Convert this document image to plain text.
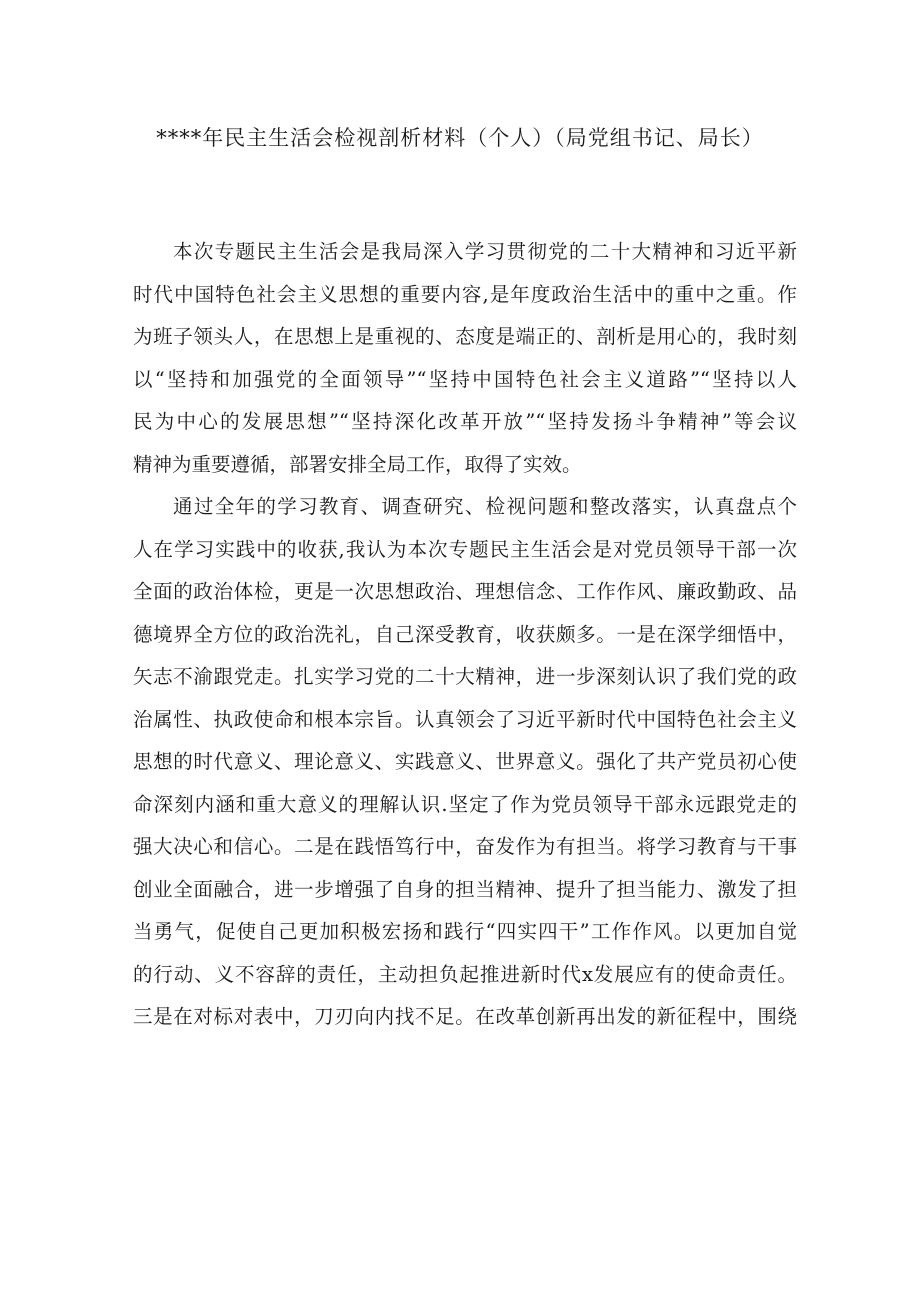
****年民主生活会检视剖析材料（个人）（局党组书记、局长）
本次专题民主生活会是我局深入学习贯彻党的二十大精神和习近平新
时代中国特色社会主义思想的重要内容,是年度政治生活中的重中之重。作
为班子领头人，在思想上是重视的、态度是端正的、剖析是用心的，我时刻
以“坚持和加强党的全面领导”“坚持中国特色社会主义道路”“坚持以人
民为中心的发展思想”“坚持深化改革开放”“坚持发扬斗争精神”等会议
精神为重要遵循，部署安排全局工作，取得了实效。
通过全年的学习教育、调查研究、检视问题和整改落实，认真盘点个
人在学习实践中的收获,我认为本次专题民主生活会是对党员领导干部一次
全面的政治体检，更是一次思想政治、理想信念、工作作风、廉政勤政、品
德境界全方位的政治洗礼，自己深受教育，收获颇多。一是在深学细悟中，
矢志不渝跟党走。扎实学习党的二十大精神，进一步深刻认识了我们党的政
治属性、执政使命和根本宗旨。认真领会了习近平新时代中国特色社会主义
思想的时代意义、理论意义、实践意义、世界意义。强化了共产党员初心使
命深刻内涵和重大意义的理解认识.坚定了作为党员领导干部永远跟党走的
强大决心和信心。二是在践悟笃行中，奋发作为有担当。将学习教育与干事
创业全面融合，进一步增强了自身的担当精神、提升了担当能力、激发了担
当勇气，促使自己更加积极宏扬和践行“四实四干”工作作风。以更加自觉
的行动、义不容辞的责任，主动担负起推进新时代x发展应有的使命责任。
三是在对标对表中，刀刃向内找不足。在改革创新再出发的新征程中，围绕
